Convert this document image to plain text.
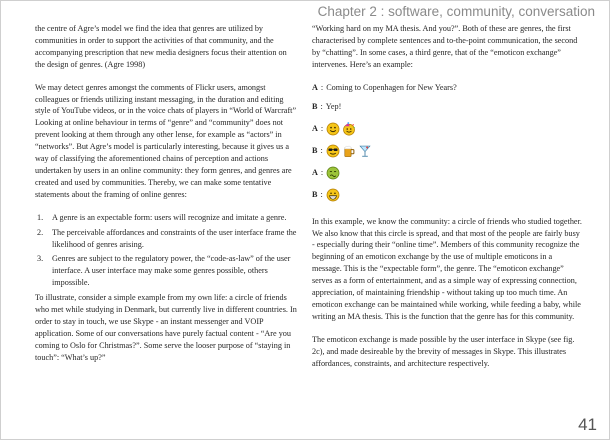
Chapter 2 : software, community, conversation

the centre of Agre’s model we find the idea that genres are utilized by communities in order to support the activities of that community, and the accompanying prescription that new media designers focus their attention on the design of genres. (Agre 1998)

We may detect genres amongst the comments of Flickr users, amongst colleagues or friends utilizing instant messaging, in the duration and editing style of YouTube videos, or in the voice chats of players in “World of Warcraft” Looking at online behaviour in terms of “genre” and “community” does not prevent looking at them through any other lense, for example as “actors” in “networks”. But Agre’s model is particularly interesting, because it gives us a way of classifying the aforementioned chains of perception and actions undertaken by users in an online community: they form genres, and genres are created and used by communities. Thereby, we can make some tentative statements about the framing of online genres:

1. A genre is an expectable form: users will recognize and imitate a genre.
2. The perceivable affordances and constraints of the user interface frame the likelihood of genres arising.
3. Genres are subject to the regulatory power, the “code-as-law” of the user interface. A user interface may make some genres possible, others impossible.

To illustrate, consider a simple example from my own life: a circle of friends who met while studying in Denmark, but currently live in different countries. In order to stay in touch, we use Skype - an instant messenger and VOIP application. Some of our conversations have purely factual content - “Are you coming to Oslo for Christmas?”. Some serve the looser purpose of “staying in touch”: “What’s up?”

“Working hard on my MA thesis. And you?”. Both of these are genres, the first characterised by complete sentences and to-the-point communication, the second by “chatting”. In some cases, a third genre, that of the “emoticon exchange” intervenes. Here’s an example:

A : Coming to Copenhagen for New Years?
B : Yep!
A :
B :
A :
B :

In this example, we know the community: a circle of friends who studied together. We also know that this circle is spread, and that most of the people are fairly busy - especially during their “online time”. Members of this community recognize the beginning of an emoticon exchange by the use of multiple emoticons in a message. This is the “expectable form”, the genre. The “emoticon exchange” serves as a form of entertainment, and as a simple way of expressing connection, appreciation, of maintaining friendship - without taking up too much time. An emoticon exchange can be maintained while working, while feeding a baby, while writing an MA thesis. This is the function that the genre has for this community.

The emoticon exchange is made possible by the user interface in Skype (see fig. 2c), and made desireable by the brevity of messages in Skype. This illustrates affordances, constraints, and architecture respectively.

41
